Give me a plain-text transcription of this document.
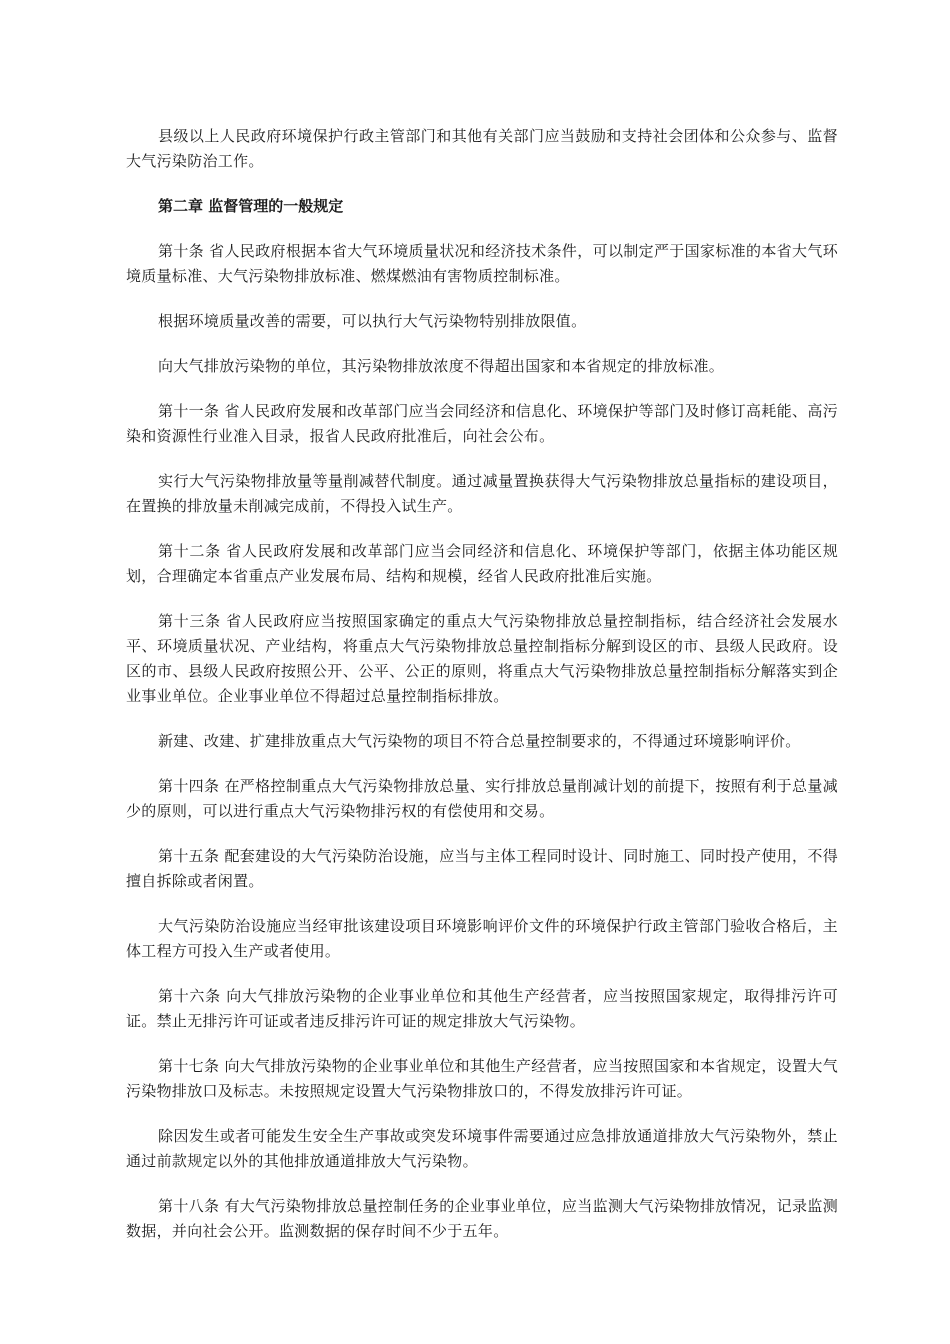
县级以上人民政府环境保护行政主管部门和其他有关部门应当鼓励和支持社会团体和公众参与、监督大气污染防治工作。

第二章 监督管理的一般规定

第十条 省人民政府根据本省大气环境质量状况和经济技术条件，可以制定严于国家标准的本省大气环境质量标准、大气污染物排放标准、燃煤燃油有害物质控制标准。

根据环境质量改善的需要，可以执行大气污染物特别排放限值。

向大气排放污染物的单位，其污染物排放浓度不得超出国家和本省规定的排放标准。

第十一条 省人民政府发展和改革部门应当会同经济和信息化、环境保护等部门及时修订高耗能、高污染和资源性行业准入目录，报省人民政府批准后，向社会公布。

实行大气污染物排放量等量削减替代制度。通过减量置换获得大气污染物排放总量指标的建设项目，在置换的排放量未削减完成前，不得投入试生产。

第十二条 省人民政府发展和改革部门应当会同经济和信息化、环境保护等部门，依据主体功能区规划，合理确定本省重点产业发展布局、结构和规模，经省人民政府批准后实施。

第十三条 省人民政府应当按照国家确定的重点大气污染物排放总量控制指标，结合经济社会发展水平、环境质量状况、产业结构，将重点大气污染物排放总量控制指标分解到设区的市、县级人民政府。设区的市、县级人民政府按照公开、公平、公正的原则，将重点大气污染物排放总量控制指标分解落实到企业事业单位。企业事业单位不得超过总量控制指标排放。

新建、改建、扩建排放重点大气污染物的项目不符合总量控制要求的，不得通过环境影响评价。

第十四条 在严格控制重点大气污染物排放总量、实行排放总量削减计划的前提下，按照有利于总量减少的原则，可以进行重点大气污染物排污权的有偿使用和交易。

第十五条 配套建设的大气污染防治设施，应当与主体工程同时设计、同时施工、同时投产使用，不得擅自拆除或者闲置。

大气污染防治设施应当经审批该建设项目环境影响评价文件的环境保护行政主管部门验收合格后，主体工程方可投入生产或者使用。

第十六条 向大气排放污染物的企业事业单位和其他生产经营者，应当按照国家规定，取得排污许可证。禁止无排污许可证或者违反排污许可证的规定排放大气污染物。

第十七条 向大气排放污染物的企业事业单位和其他生产经营者，应当按照国家和本省规定，设置大气污染物排放口及标志。未按照规定设置大气污染物排放口的，不得发放排污许可证。

除因发生或者可能发生安全生产事故或突发环境事件需要通过应急排放通道排放大气污染物外，禁止通过前款规定以外的其他排放通道排放大气污染物。

第十八条 有大气污染物排放总量控制任务的企业事业单位，应当监测大气污染物排放情况，记录监测数据，并向社会公开。监测数据的保存时间不少于五年。
